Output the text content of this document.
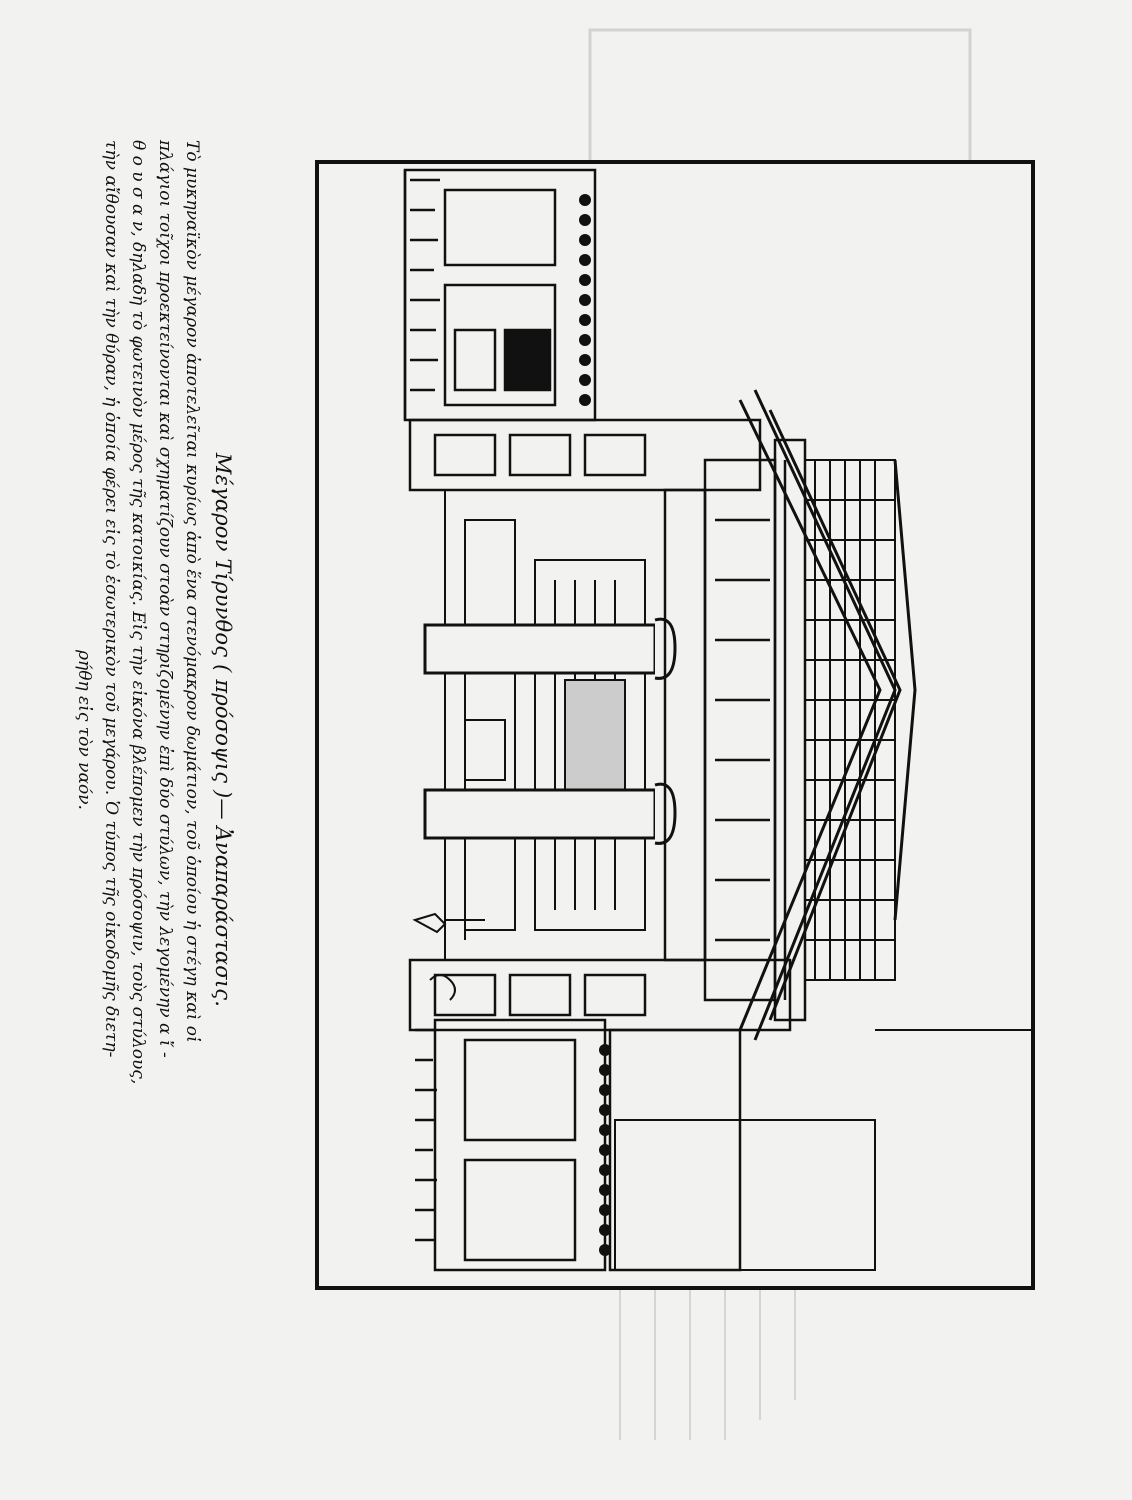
Μέγαρον Τίρυνθος ( πρόσοψις )— Ἀναπαράστασις.

Τὸ μυκηναϊκὸν μέγαρον ἀποτελεῖται κυρίως ἀπὸ ἕνα στενόμακρον δωμάτιον, τοῦ ὁποίου ἡ στέγη καὶ οἱ
πλάγιοι τοῖχοι προεκτείνονται καὶ σχηματίζουν στοὰν στηριζομένην ἐπὶ δύο στύλων, τὴν λεγομένην α ἴ -
θ ο υ σ α ν, δηλαδὴ τὸ φωτεινὸν μέρος τῆς κατοικίας. Εἰς τὴν εἰκόνα βλέπομεν τὴν πρόσοψιν, τοὺς στύλους,
τὴν αἴθουσαν καὶ τὴν θύραν, ἡ ὁποία φέρει εἰς τὸ ἐσωτερικὸν τοῦ μεγάρου. Ὁ τύπος τῆς οἰκοδομῆς διετη-
ρήθη εἰς τὸν ναόν.
